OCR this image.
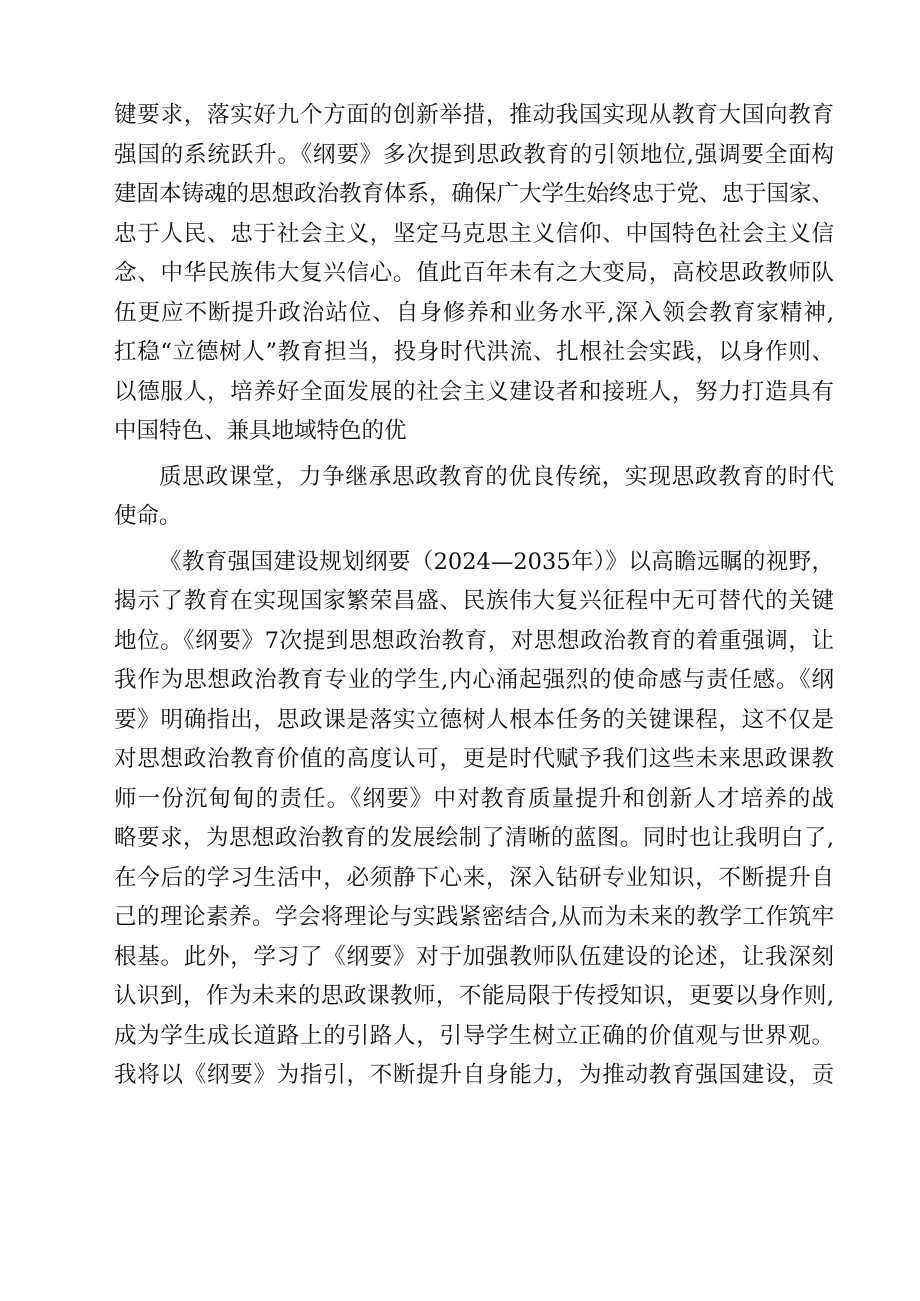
键要求，落实好九个方面的创新举措，推动我国实现从教育大国向教育
强国的系统跃升。《纲要》多次提到思政教育的引领地位,强调要全面构
建固本铸魂的思想政治教育体系，确保广大学生始终忠于党、忠于国家、
忠于人民、忠于社会主义，坚定马克思主义信仰、中国特色社会主义信
念、中华民族伟大复兴信心。值此百年未有之大变局，高校思政教师队
伍更应不断提升政治站位、自身修养和业务水平,深入领会教育家精神,
扛稳“立德树人”教育担当，投身时代洪流、扎根社会实践，以身作则、
以德服人，培养好全面发展的社会主义建设者和接班人，努力打造具有
中国特色、兼具地域特色的优
质思政课堂，力争继承思政教育的优良传统，实现思政教育的时代
使命。
《教育强国建设规划纲要（2024—2035年）》以高瞻远瞩的视野，
揭示了教育在实现国家繁荣昌盛、民族伟大复兴征程中无可替代的关键
地位。《纲要》7次提到思想政治教育，对思想政治教育的着重强调，让
我作为思想政治教育专业的学生,内心涌起强烈的使命感与责任感。《纲
要》明确指出，思政课是落实立德树人根本任务的关键课程，这不仅是
对思想政治教育价值的高度认可，更是时代赋予我们这些未来思政课教
师一份沉甸甸的责任。《纲要》中对教育质量提升和创新人才培养的战
略要求，为思想政治教育的发展绘制了清晰的蓝图。同时也让我明白了,
在今后的学习生活中，必须静下心来，深入钻研专业知识，不断提升自
己的理论素养。学会将理论与实践紧密结合,从而为未来的教学工作筑牢
根基。此外，学习了《纲要》对于加强教师队伍建设的论述，让我深刻
认识到，作为未来的思政课教师，不能局限于传授知识，更要以身作则,
成为学生成长道路上的引路人，引导学生树立正确的价值观与世界观。
我将以《纲要》为指引，不断提升自身能力，为推动教育强国建设，贡
